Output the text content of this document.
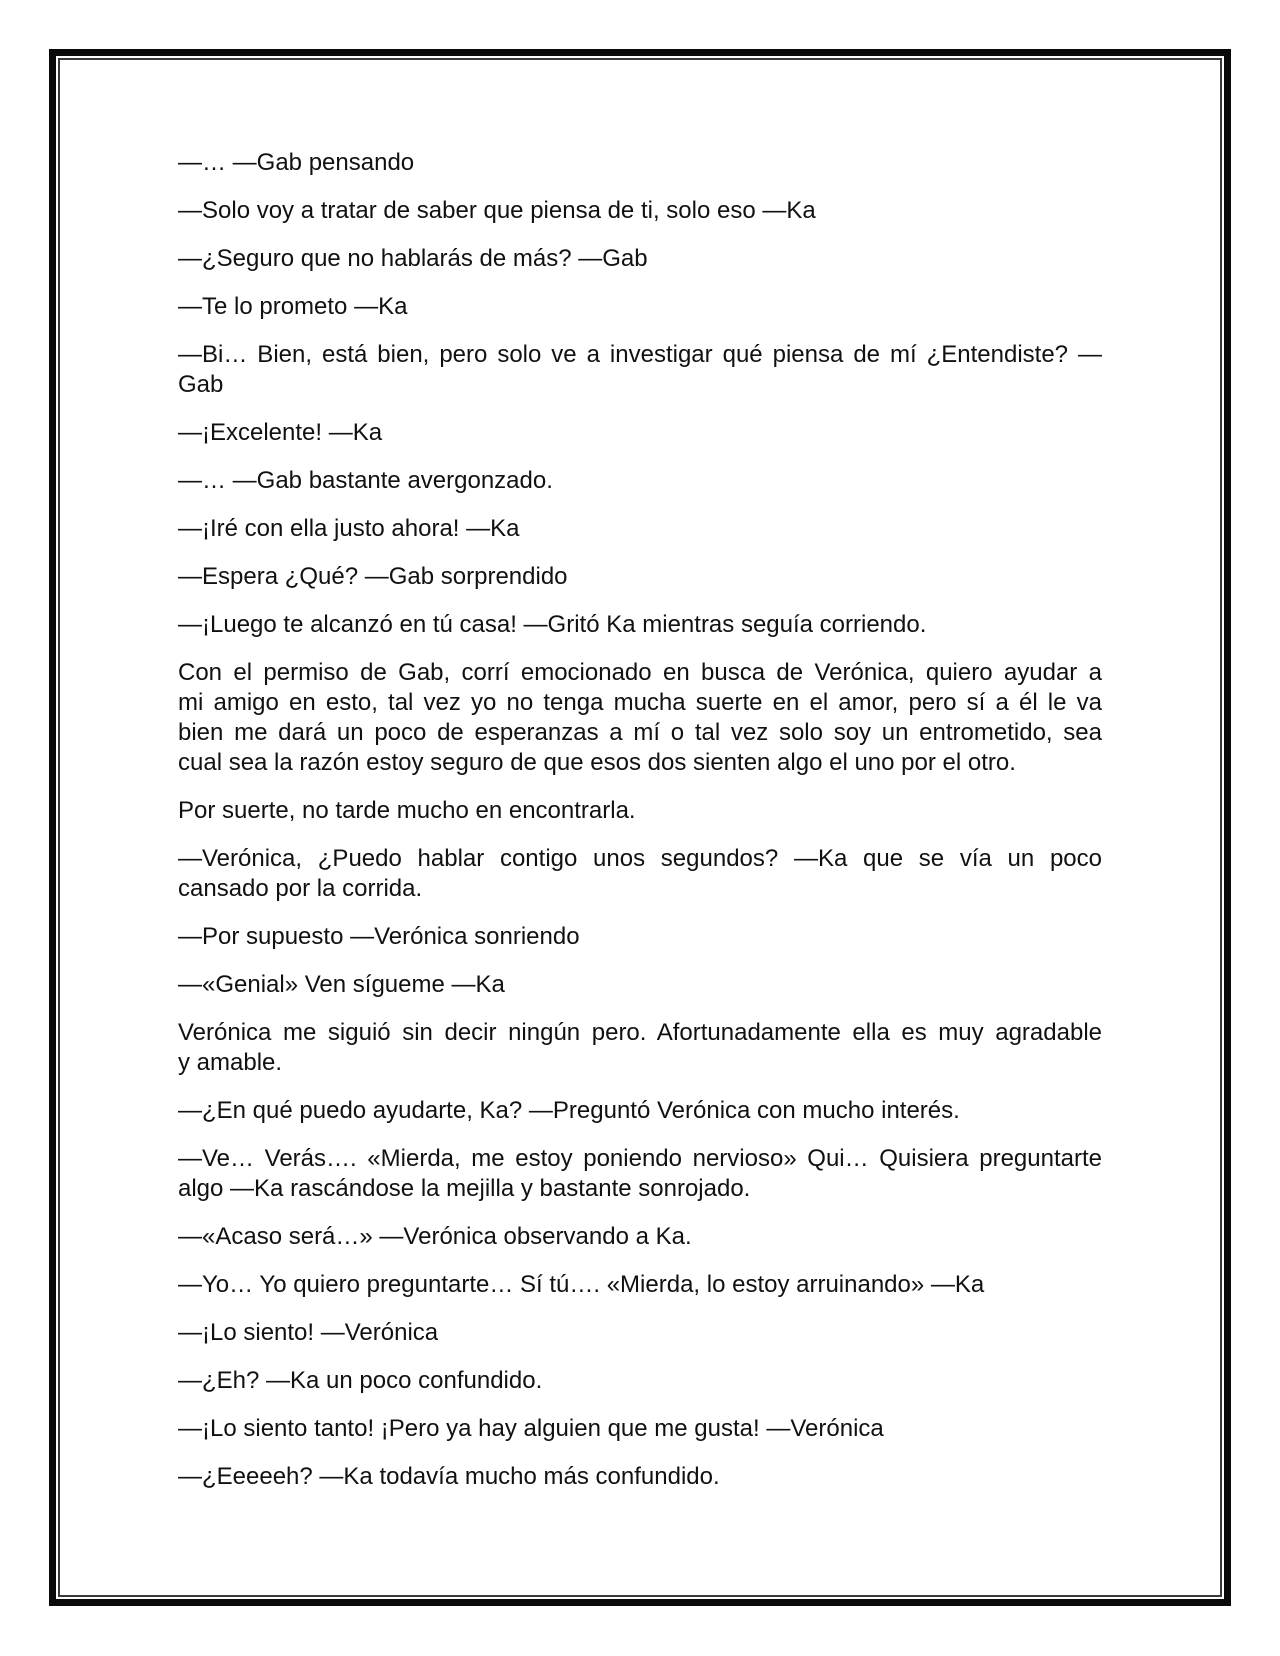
—… —Gab pensando

—Solo voy a tratar de saber que piensa de ti, solo eso —Ka

—¿Seguro que no hablarás de más? —Gab

—Te lo prometo —Ka

—Bi… Bien, está bien, pero solo ve a investigar qué piensa de mí ¿Entendiste? —
Gab

—¡Excelente! —Ka

—… —Gab bastante avergonzado.

—¡Iré con ella justo ahora! —Ka

—Espera ¿Qué? —Gab sorprendido

—¡Luego te alcanzó en tú casa! —Gritó Ka mientras seguía corriendo.

Con el permiso de Gab, corrí emocionado en busca de Verónica, quiero ayudar a
mi amigo en esto, tal vez yo no tenga mucha suerte en el amor, pero sí a él le va
bien me dará un poco de esperanzas a mí o tal vez solo soy un entrometido, sea
cual sea la razón estoy seguro de que esos dos sienten algo el uno por el otro.

Por suerte, no tarde mucho en encontrarla.

—Verónica, ¿Puedo hablar contigo unos segundos? —Ka que se vía un poco
cansado por la corrida.

—Por supuesto —Verónica sonriendo

—«Genial» Ven sígueme —Ka

Verónica me siguió sin decir ningún pero. Afortunadamente ella es muy agradable
y amable.

—¿En qué puedo ayudarte, Ka? —Preguntó Verónica con mucho interés.

—Ve… Verás…. «Mierda, me estoy poniendo nervioso» Qui… Quisiera preguntarte
algo —Ka rascándose la mejilla y bastante sonrojado.

—«Acaso será…» —Verónica observando a Ka.

—Yo… Yo quiero preguntarte… Sí tú…. «Mierda, lo estoy arruinando» —Ka

—¡Lo siento! —Verónica

—¿Eh? —Ka un poco confundido.

—¡Lo siento tanto! ¡Pero ya hay alguien que me gusta! —Verónica

—¿Eeeeeh? —Ka todavía mucho más confundido.
